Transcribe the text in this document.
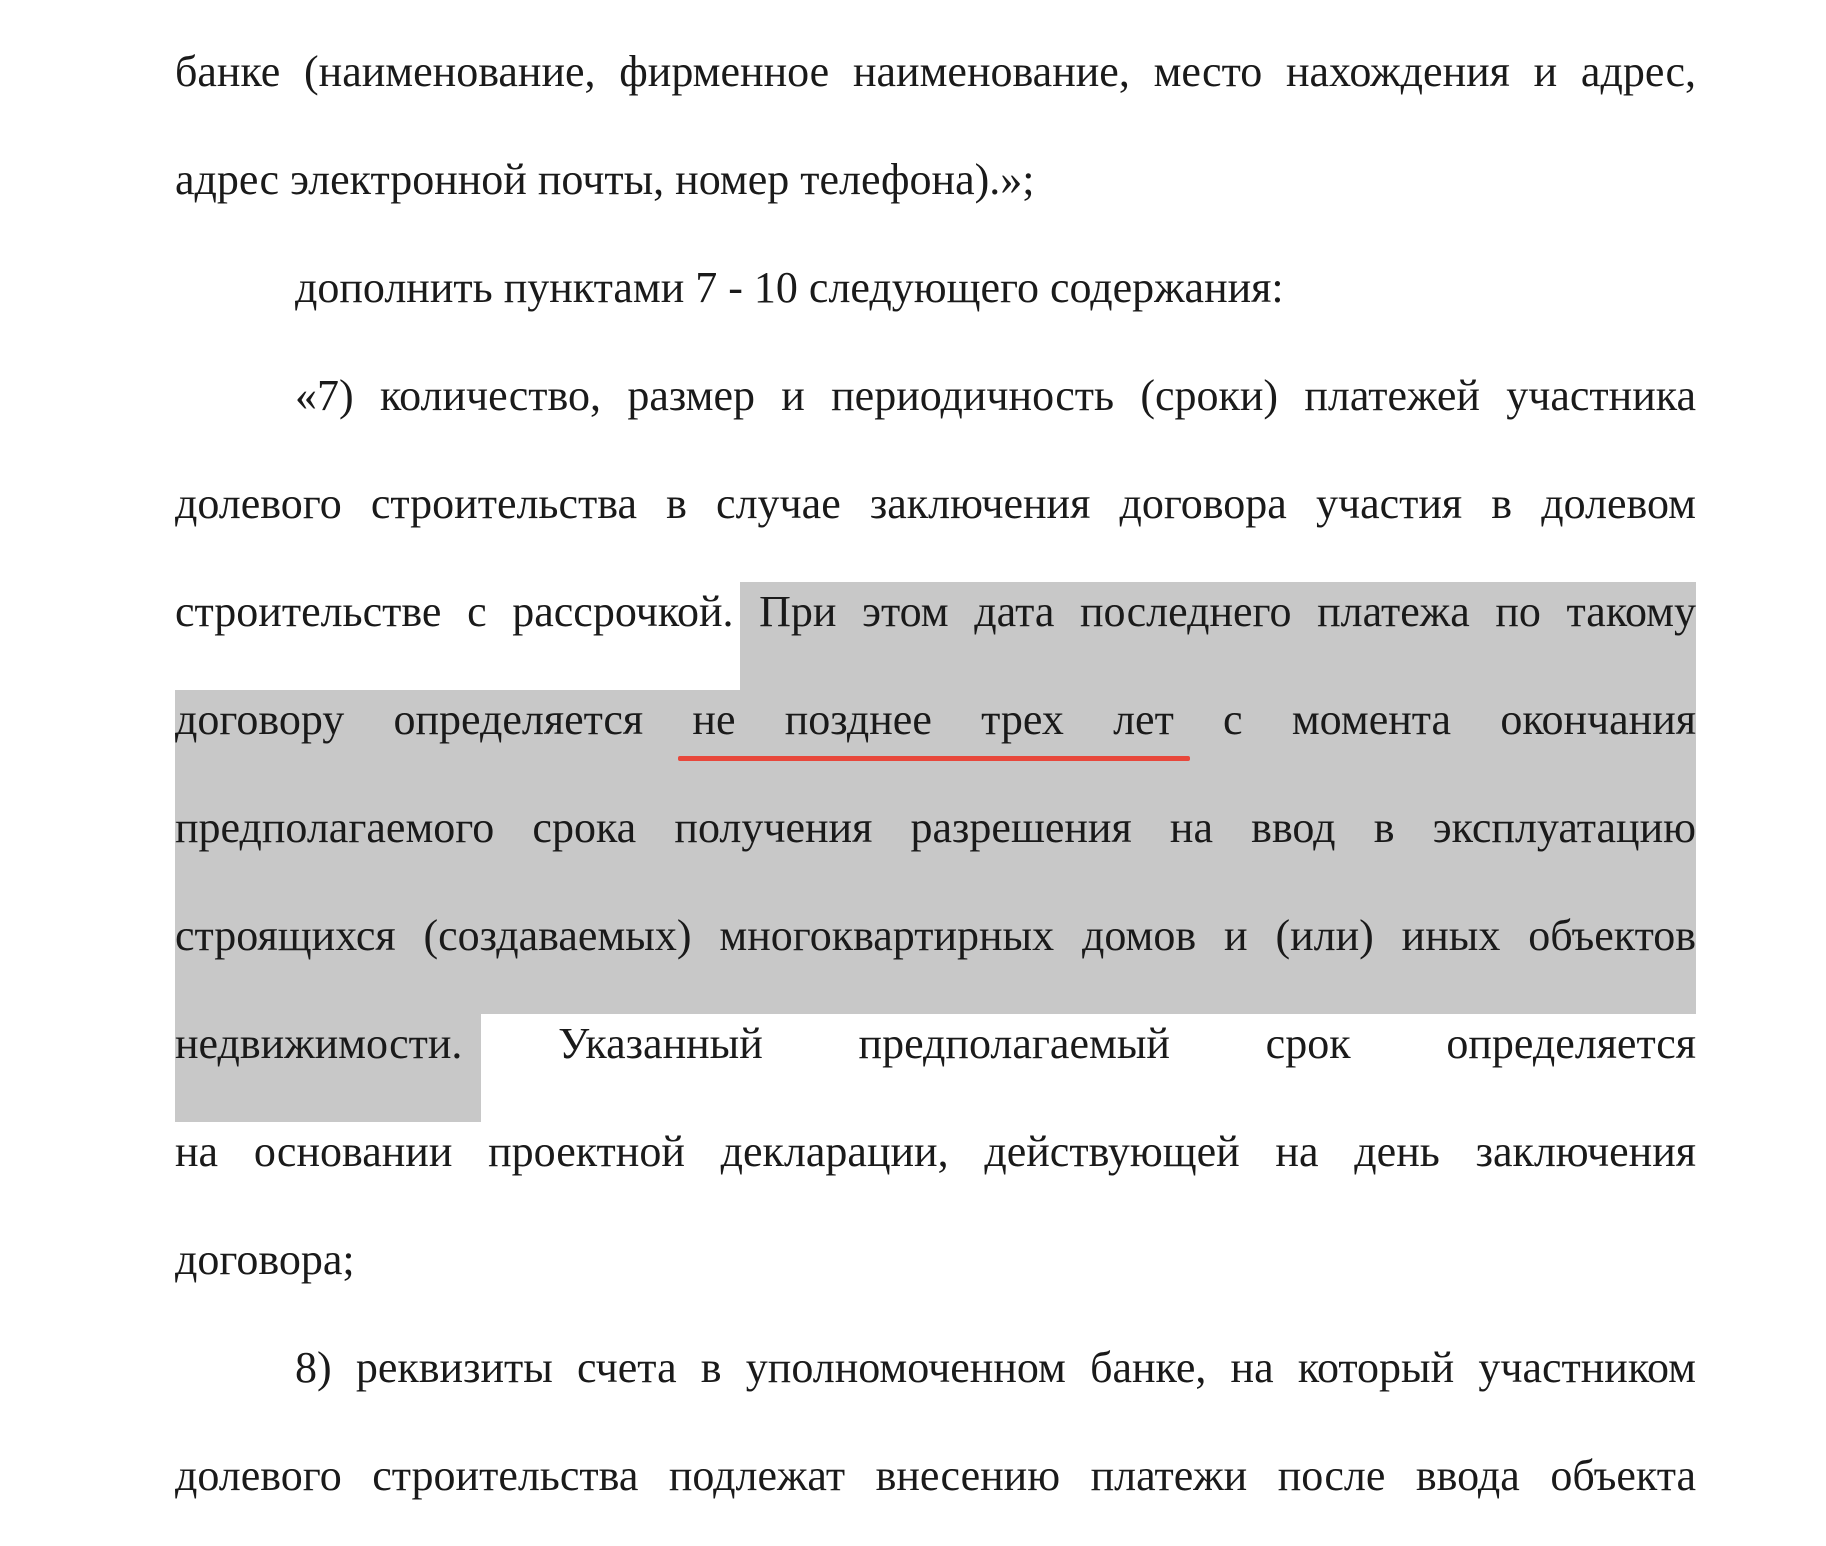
банке (наименование, фирменное наименование, место нахождения и адрес,
адрес электронной почты, номер телефона).»;
дополнить пунктами 7 - 10 следующего содержания:
«7) количество, размер и периодичность (сроки) платежей участника
долевого строительства в случае заключения договора участия в долевом
строительстве с рассрочкой. При этом дата последнего платежа по такому
договору определяется не позднее трех лет с момента окончания
предполагаемого срока получения разрешения на ввод в эксплуатацию
строящихся (создаваемых) многоквартирных домов и (или) иных объектов
недвижимости. Указанный предполагаемый срок определяется
на основании проектной декларации, действующей на день заключения
договора;
8) реквизиты счета в уполномоченном банке, на который участником
долевого строительства подлежат внесению платежи после ввода объекта
